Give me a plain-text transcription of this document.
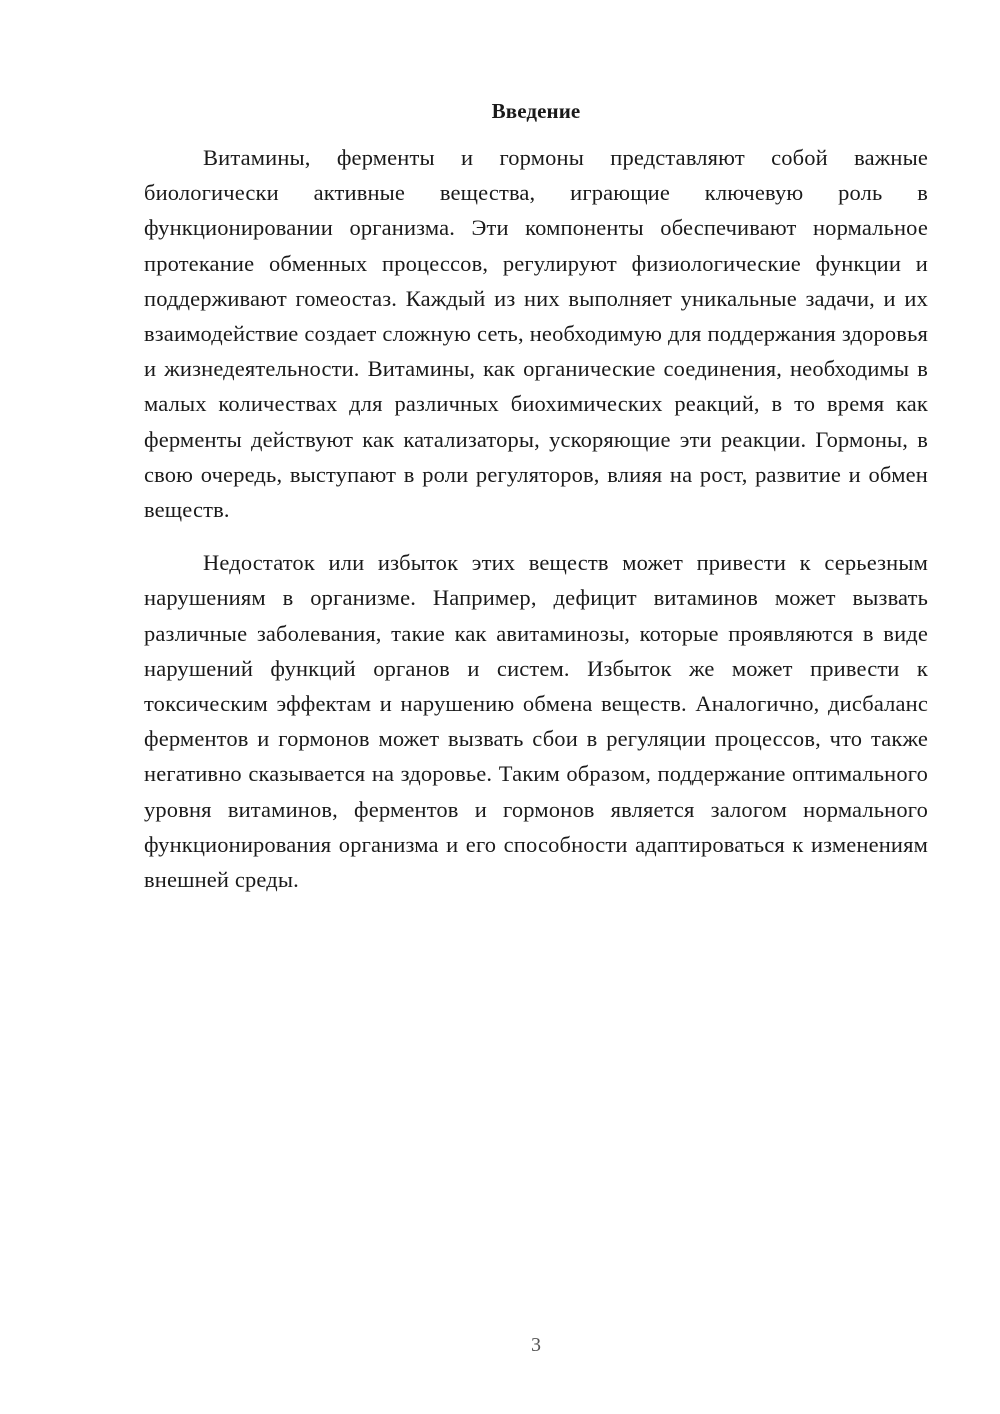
Введение

Витамины, ферменты и гормоны представляют собой важные биологически активные вещества, играющие ключевую роль в функционировании организма. Эти компоненты обеспечивают нормальное протекание обменных процессов, регулируют физиологические функции и поддерживают гомеостаз. Каждый из них выполняет уникальные задачи, и их взаимодействие создает сложную сеть, необходимую для поддержания здоровья и жизнедеятельности. Витамины, как органические соединения, необходимы в малых количествах для различных биохимических реакций, в то время как ферменты действуют как катализаторы, ускоряющие эти реакции. Гормоны, в свою очередь, выступают в роли регуляторов, влияя на рост, развитие и обмен веществ.

Недостаток или избыток этих веществ может привести к серьезным нарушениям в организме. Например, дефицит витаминов может вызвать различные заболевания, такие как авитаминозы, которые проявляются в виде нарушений функций органов и систем. Избыток же может привести к токсическим эффектам и нарушению обмена веществ. Аналогично, дисбаланс ферментов и гормонов может вызвать сбои в регуляции процессов, что также негативно сказывается на здоровье. Таким образом, поддержание оптимального уровня витаминов, ферментов и гормонов является залогом нормального функционирования организма и его способности адаптироваться к изменениям внешней среды.

3
